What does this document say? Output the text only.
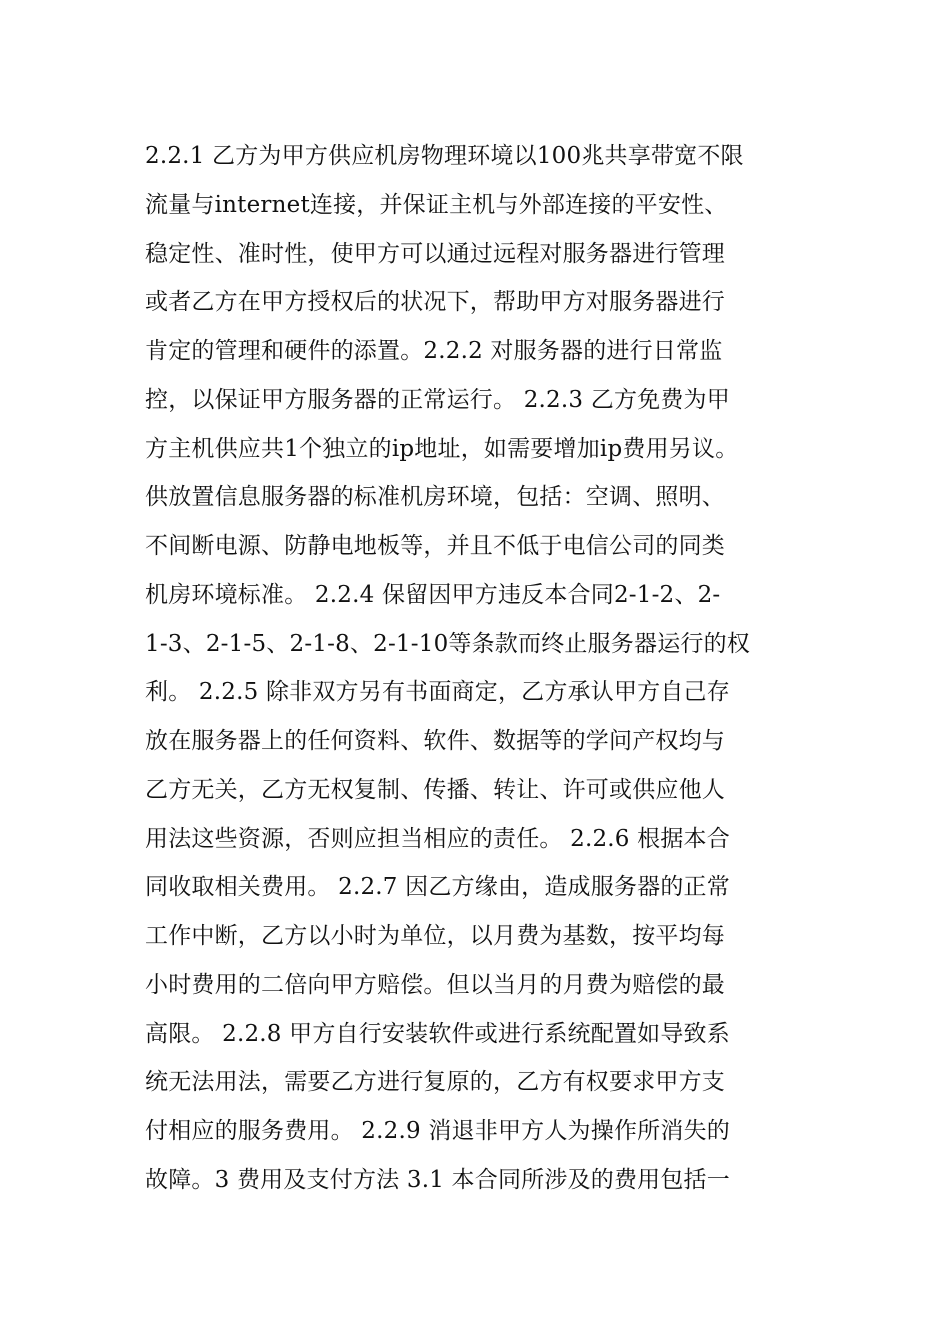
2.2.1 乙方为甲方供应机房物理环境以100兆共享带宽不限
流量与internet连接，并保证主机与外部连接的平安性、
稳定性、准时性，使甲方可以通过远程对服务器进行管理
或者乙方在甲方授权后的状况下，帮助甲方对服务器进行
肯定的管理和硬件的添置。2.2.2 对服务器的进行日常监
控，以保证甲方服务器的正常运行。 2.2.3 乙方免费为甲
方主机供应共1个独立的ip地址，如需要增加ip费用另议。
供放置信息服务器的标准机房环境，包括：空调、照明、
不间断电源、防静电地板等，并且不低于电信公司的同类
机房环境标准。 2.2.4 保留因甲方违反本合同2-1-2、2-
1-3、2-1-5、2-1-8、2-1-10等条款而终止服务器运行的权
利。 2.2.5 除非双方另有书面商定，乙方承认甲方自己存
放在服务器上的任何资料、软件、数据等的学问产权均与
乙方无关，乙方无权复制、传播、转让、许可或供应他人
用法这些资源，否则应担当相应的责任。 2.2.6 根据本合
同收取相关费用。 2.2.7 因乙方缘由，造成服务器的正常
工作中断，乙方以小时为单位，以月费为基数，按平均每
小时费用的二倍向甲方赔偿。但以当月的月费为赔偿的最
高限。 2.2.8 甲方自行安装软件或进行系统配置如导致系
统无法用法，需要乙方进行复原的，乙方有权要求甲方支
付相应的服务费用。 2.2.9 消退非甲方人为操作所消失的
故障。3 费用及支付方法 3.1 本合同所涉及的费用包括一
